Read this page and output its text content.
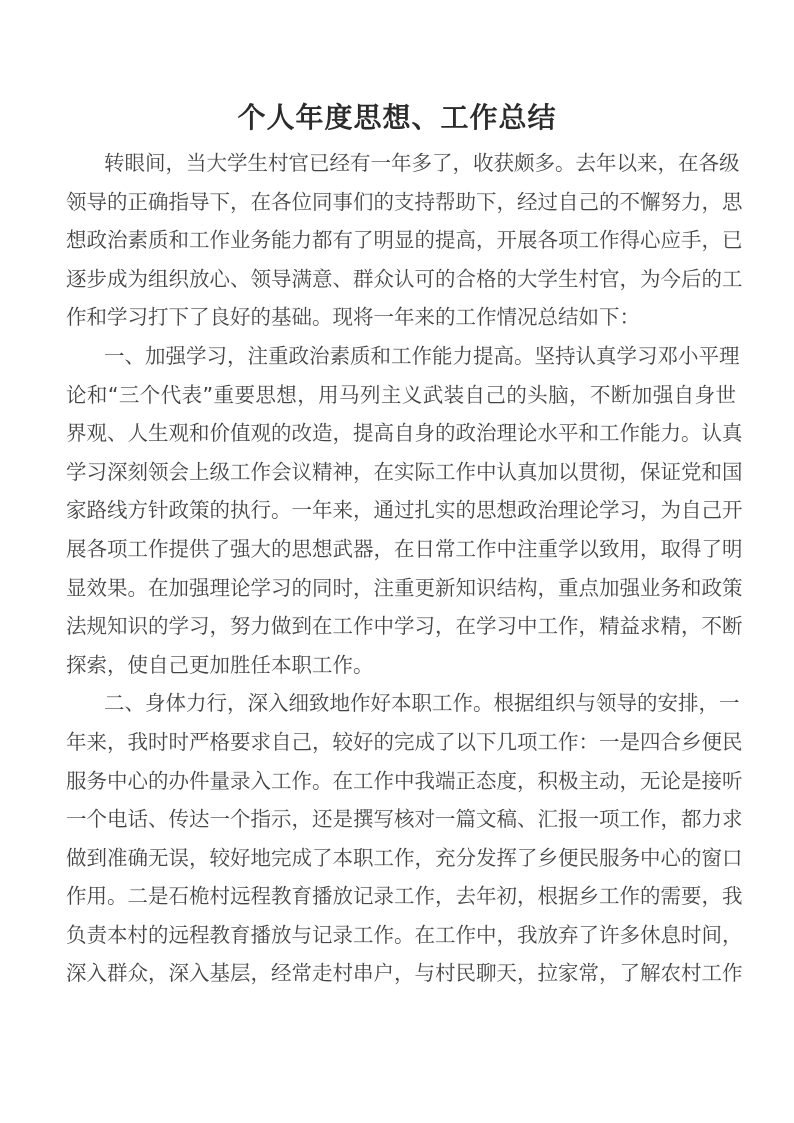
个人年度思想、工作总结
转眼间，当大学生村官已经有一年多了，收获颇多。去年以来，在各级
领导的正确指导下，在各位同事们的支持帮助下，经过自己的不懈努力，思
想政治素质和工作业务能力都有了明显的提高，开展各项工作得心应手，已
逐步成为组织放心、领导满意、群众认可的合格的大学生村官，为今后的工
作和学习打下了良好的基础。现将一年来的工作情况总结如下：
一、加强学习，注重政治素质和工作能力提高。坚持认真学习邓小平理
论和“三个代表”重要思想，用马列主义武装自己的头脑，不断加强自身世
界观、人生观和价值观的改造，提高自身的政治理论水平和工作能力。认真
学习深刻领会上级工作会议精神，在实际工作中认真加以贯彻，保证党和国
家路线方针政策的执行。一年来，通过扎实的思想政治理论学习，为自己开
展各项工作提供了强大的思想武器，在日常工作中注重学以致用，取得了明
显效果。在加强理论学习的同时，注重更新知识结构，重点加强业务和政策
法规知识的学习，努力做到在工作中学习，在学习中工作，精益求精，不断
探索，使自己更加胜任本职工作。
二、身体力行，深入细致地作好本职工作。根据组织与领导的安排，一
年来，我时时严格要求自己，较好的完成了以下几项工作：一是四合乡便民
服务中心的办件量录入工作。在工作中我端正态度，积极主动，无论是接听
一个电话、传达一个指示，还是撰写核对一篇文稿、汇报一项工作，都力求
做到准确无误，较好地完成了本职工作，充分发挥了乡便民服务中心的窗口
作用。二是石桅村远程教育播放记录工作，去年初，根据乡工作的需要，我
负责本村的远程教育播放与记录工作。在工作中，我放弃了许多休息时间，
深入群众，深入基层，经常走村串户，与村民聊天，拉家常，了解农村工作
